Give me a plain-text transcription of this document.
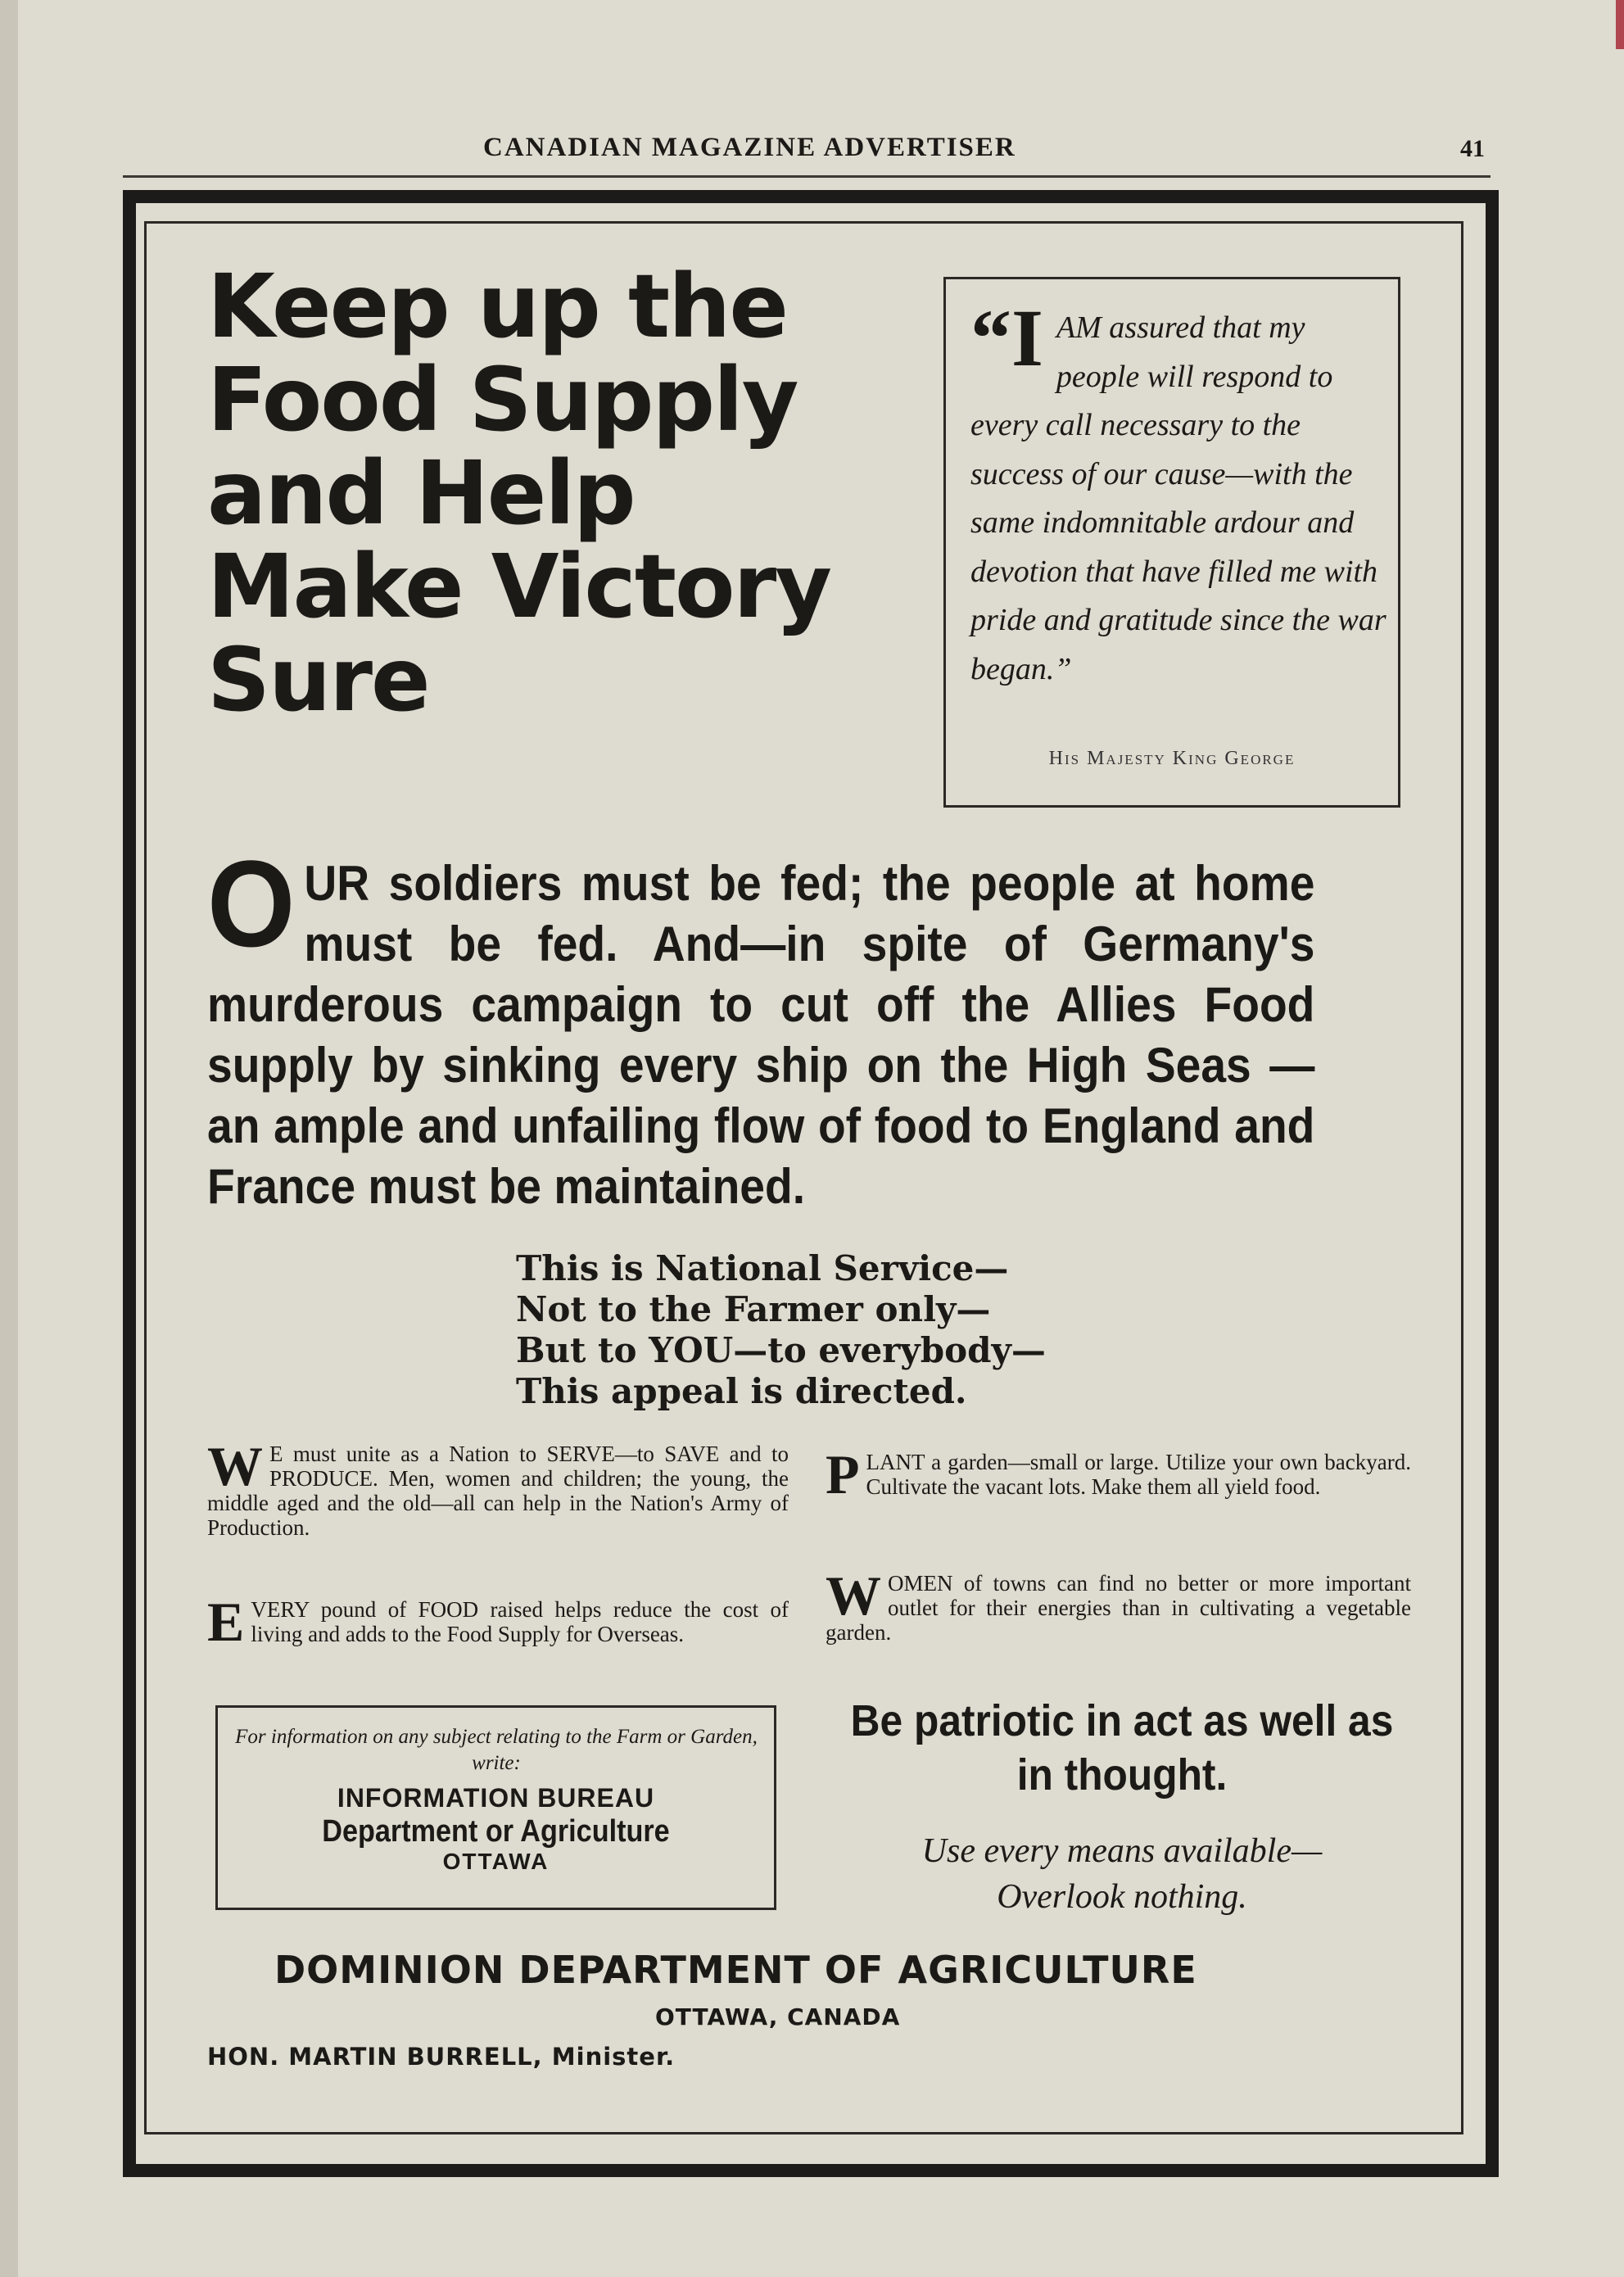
CANADIAN MAGAZINE ADVERTISER	41
Keep up the
Food Supply
and Help
Make Victory
Sure

“I AM assured that my people will respond to every call necessary to the success of our cause—with the same indomnitable ardour and devotion that have filled me with pride and gratitude since the war began.”

His Majesty King George

O UR soldiers must be fed; the people at home must be fed. And—in spite of Germany's murderous campaign to cut off the Allies Food supply by sinking every ship on the High Seas —an ample and unfailing flow of food to England and France must be maintained.

This is National Service—
Not to the Farmer only—
But to YOU—to everybody—
This appeal is directed.

W E must unite as a Nation to SERVE—to SAVE and to PRODUCE. Men, women and children; the young, the middle aged and the old—all can help in the Nation's Army of Production.

E VERY pound of FOOD raised helps reduce the cost of living and adds to the Food Supply for Overseas.

P LANT a garden—small or large. Utilize your own backyard. Cultivate the vacant lots. Make them all yield food.

W OMEN of towns can find no better or more important outlet for their energies than in cultivating a vegetable garden.

For information on any subject relating to the Farm or Garden, write:
INFORMATION BUREAU
Department or Agriculture
OTTAWA

Be patriotic in act as well as in thought.

Use every means available—
Overlook nothing.

DOMINION DEPARTMENT OF AGRICULTURE
OTTAWA, CANADA
HON. MARTIN BURRELL, Minister.
